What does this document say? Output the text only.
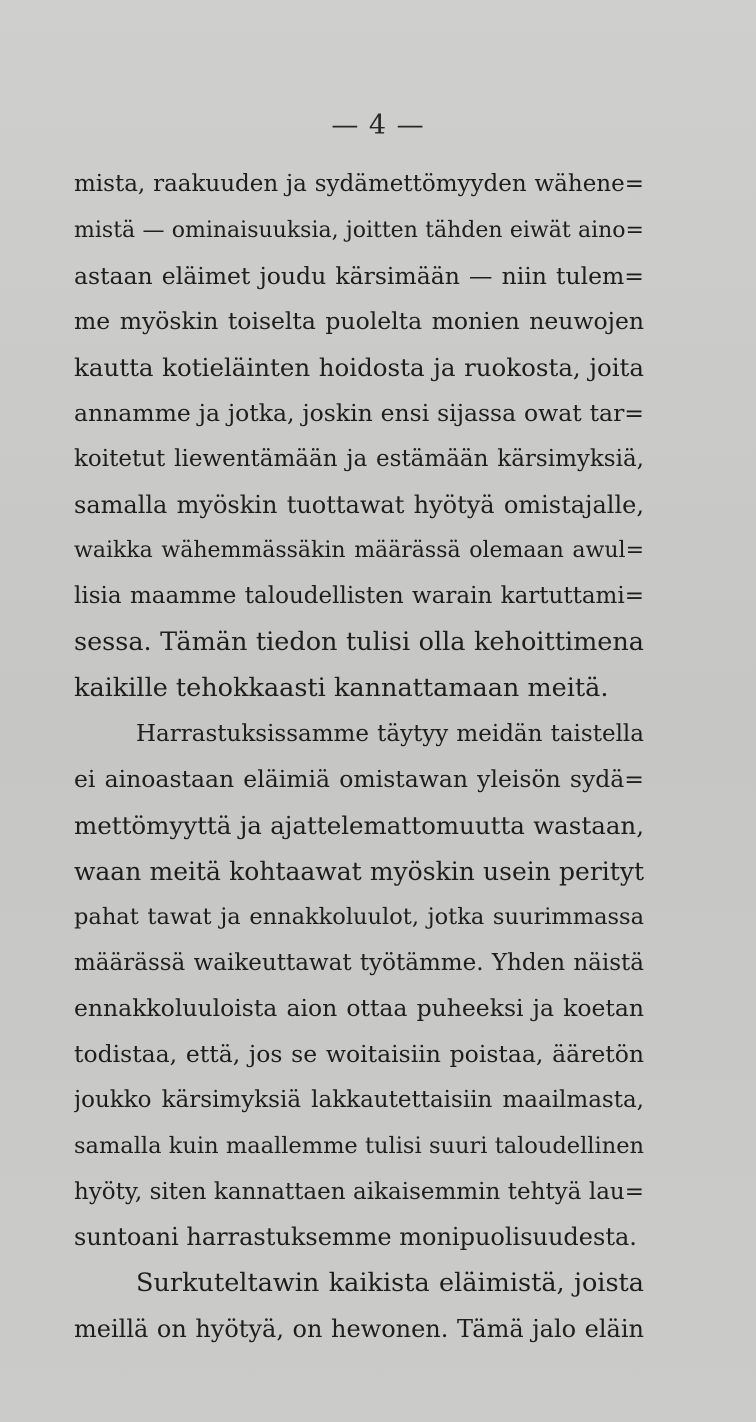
— 4 —
mista, raakuuden ja sydämettömyyden wähene=
mistä — ominaisuuksia, joitten tähden eiwät aino=
astaan eläimet joudu kärsimään — niin tulem=
me myöskin toiselta puolelta monien neuwojen
kautta kotieläinten hoidosta ja ruokosta, joita
annamme ja jotka, joskin ensi sijassa owat tar=
koitetut liewentämään ja estämään kärsimyksiä,
samalla myöskin tuottawat hyötyä omistajalle,
waikka wähemmässäkin määrässä olemaan awul=
lisia maamme taloudellisten warain kartuttami=
sessa. Tämän tiedon tulisi olla kehoittimena
kaikille tehokkaasti kannattamaan meitä.
Harrastuksissamme täytyy meidän taistella
ei ainoastaan eläimiä omistawan yleisön sydä=
mettömyyttä ja ajattelemattomuutta wastaan,
waan meitä kohtaawat myöskin usein perityt
pahat tawat ja ennakkoluulot, jotka suurimmassa
määrässä waikeuttawat työtämme. Yhden näistä
ennakkoluuloista aion ottaa puheeksi ja koetan
todistaa, että, jos se woitaisiin poistaa, ääretön
joukko kärsimyksiä lakkautettaisiin maailmasta,
samalla kuin maallemme tulisi suuri taloudellinen
hyöty, siten kannattaen aikaisemmin tehtyä lau=
suntoani harrastuksemme monipuolisuudesta.
Surkuteltawin kaikista eläimistä, joista
meillä on hyötyä, on hewonen. Tämä jalo eläin
